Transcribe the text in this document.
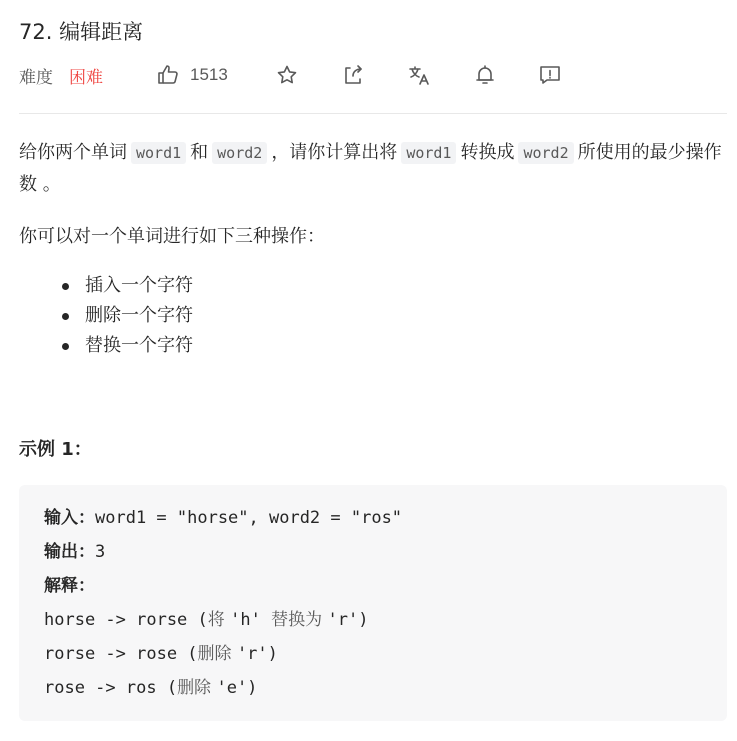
72. 编辑距离
难度 困难	1513
给你两个单词 word1 和 word2 ，请你计算出将 word1 转换成 word2 所使用的最少操作数 。
你可以对一个单词进行如下三种操作：
插入一个字符
删除一个字符
替换一个字符
示例 1：
输入：word1 = "horse", word2 = "ros"
输出：3
解释：
horse -> rorse (将 'h' 替换为 'r')
rorse -> rose (删除 'r')
rose -> ros (删除 'e')
